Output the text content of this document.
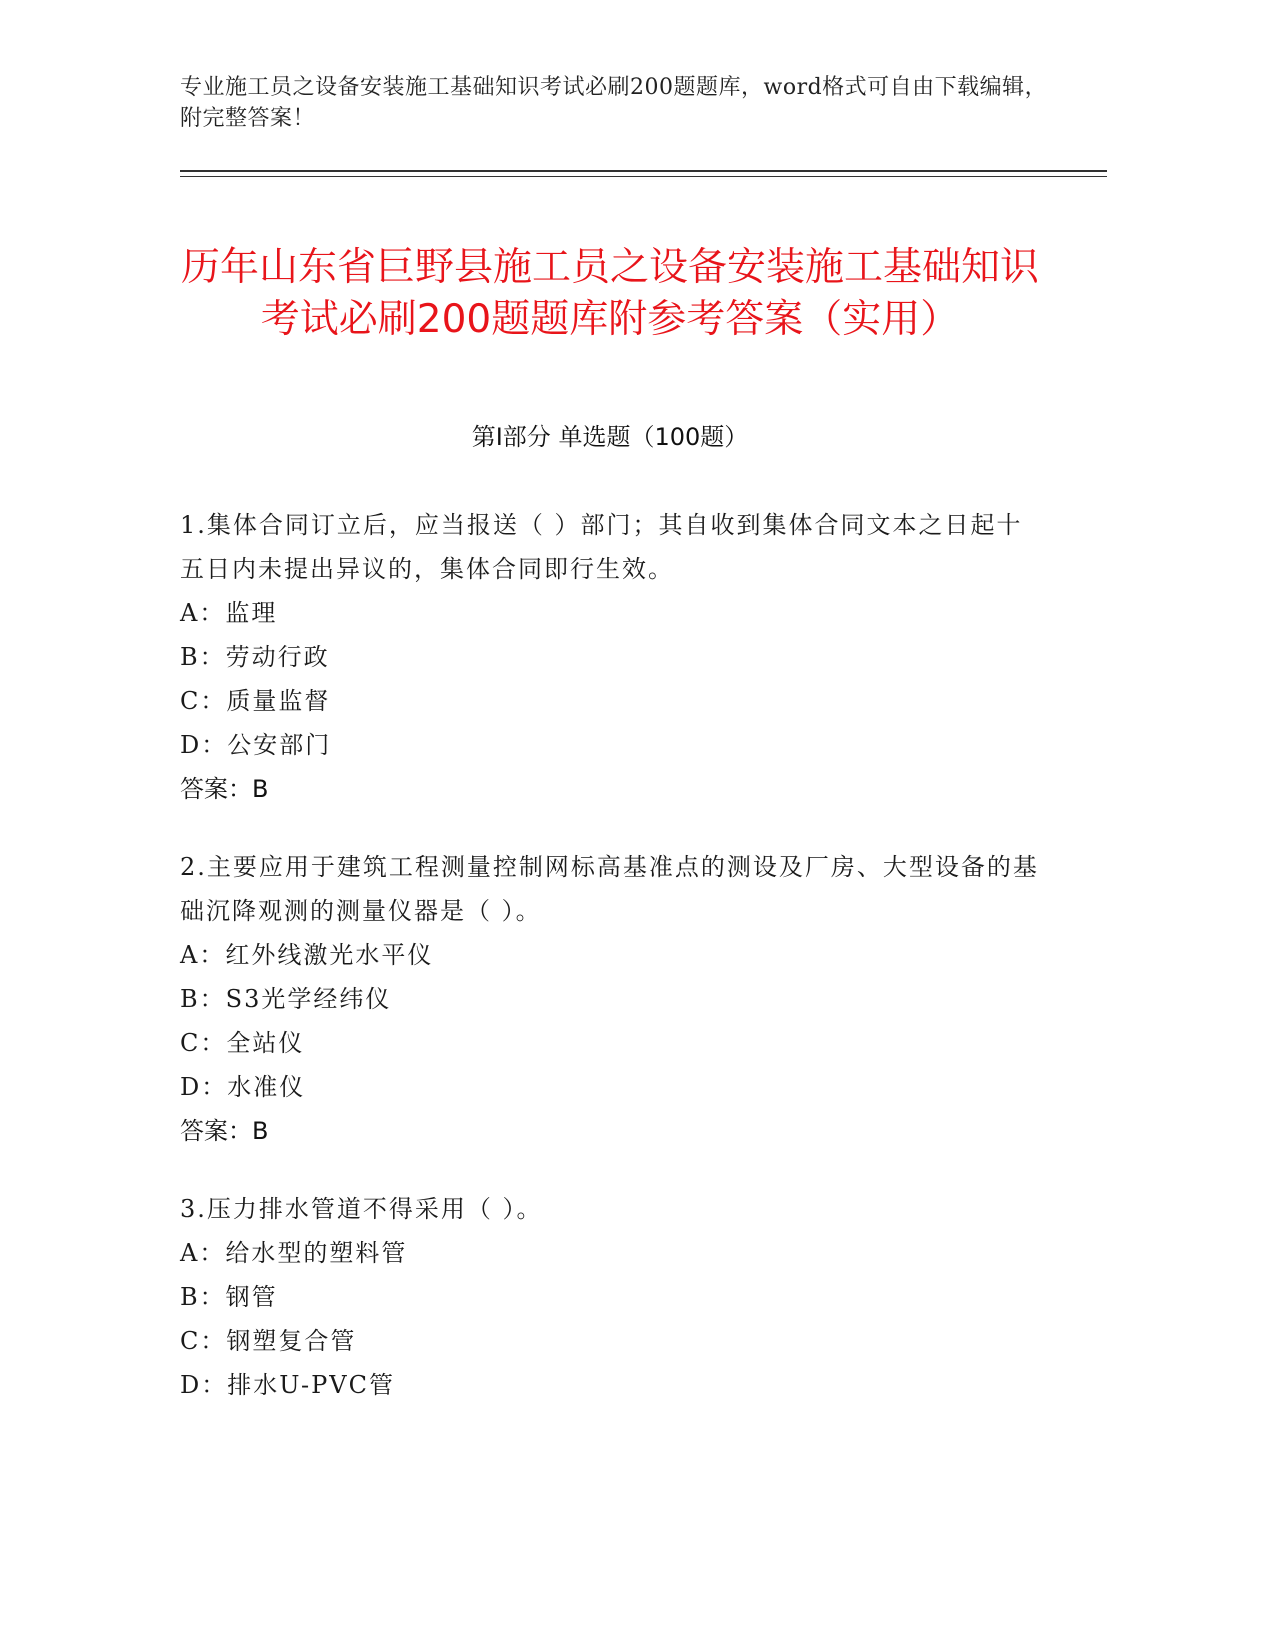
专业施工员之设备安装施工基础知识考试必刷200题题库，word格式可自由下载编辑，附完整答案！
历年山东省巨野县施工员之设备安装施工基础知识考试必刷200题题库附参考答案（实用）
第I部分 单选题（100题）
1.集体合同订立后，应当报送（ ）部门；其自收到集体合同文本之日起十五日内未提出异议的，集体合同即行生效。
A：监理
B：劳动行政
C：质量监督
D：公安部门
答案：B
2.主要应用于建筑工程测量控制网标高基准点的测设及厂房、大型设备的基础沉降观测的测量仪器是（ ）。
A：红外线激光水平仪
B：S3光学经纬仪
C：全站仪
D：水准仪
答案：B
3.压力排水管道不得采用（ ）。
A：给水型的塑料管
B：钢管
C：钢塑复合管
D：排水U-PVC管
